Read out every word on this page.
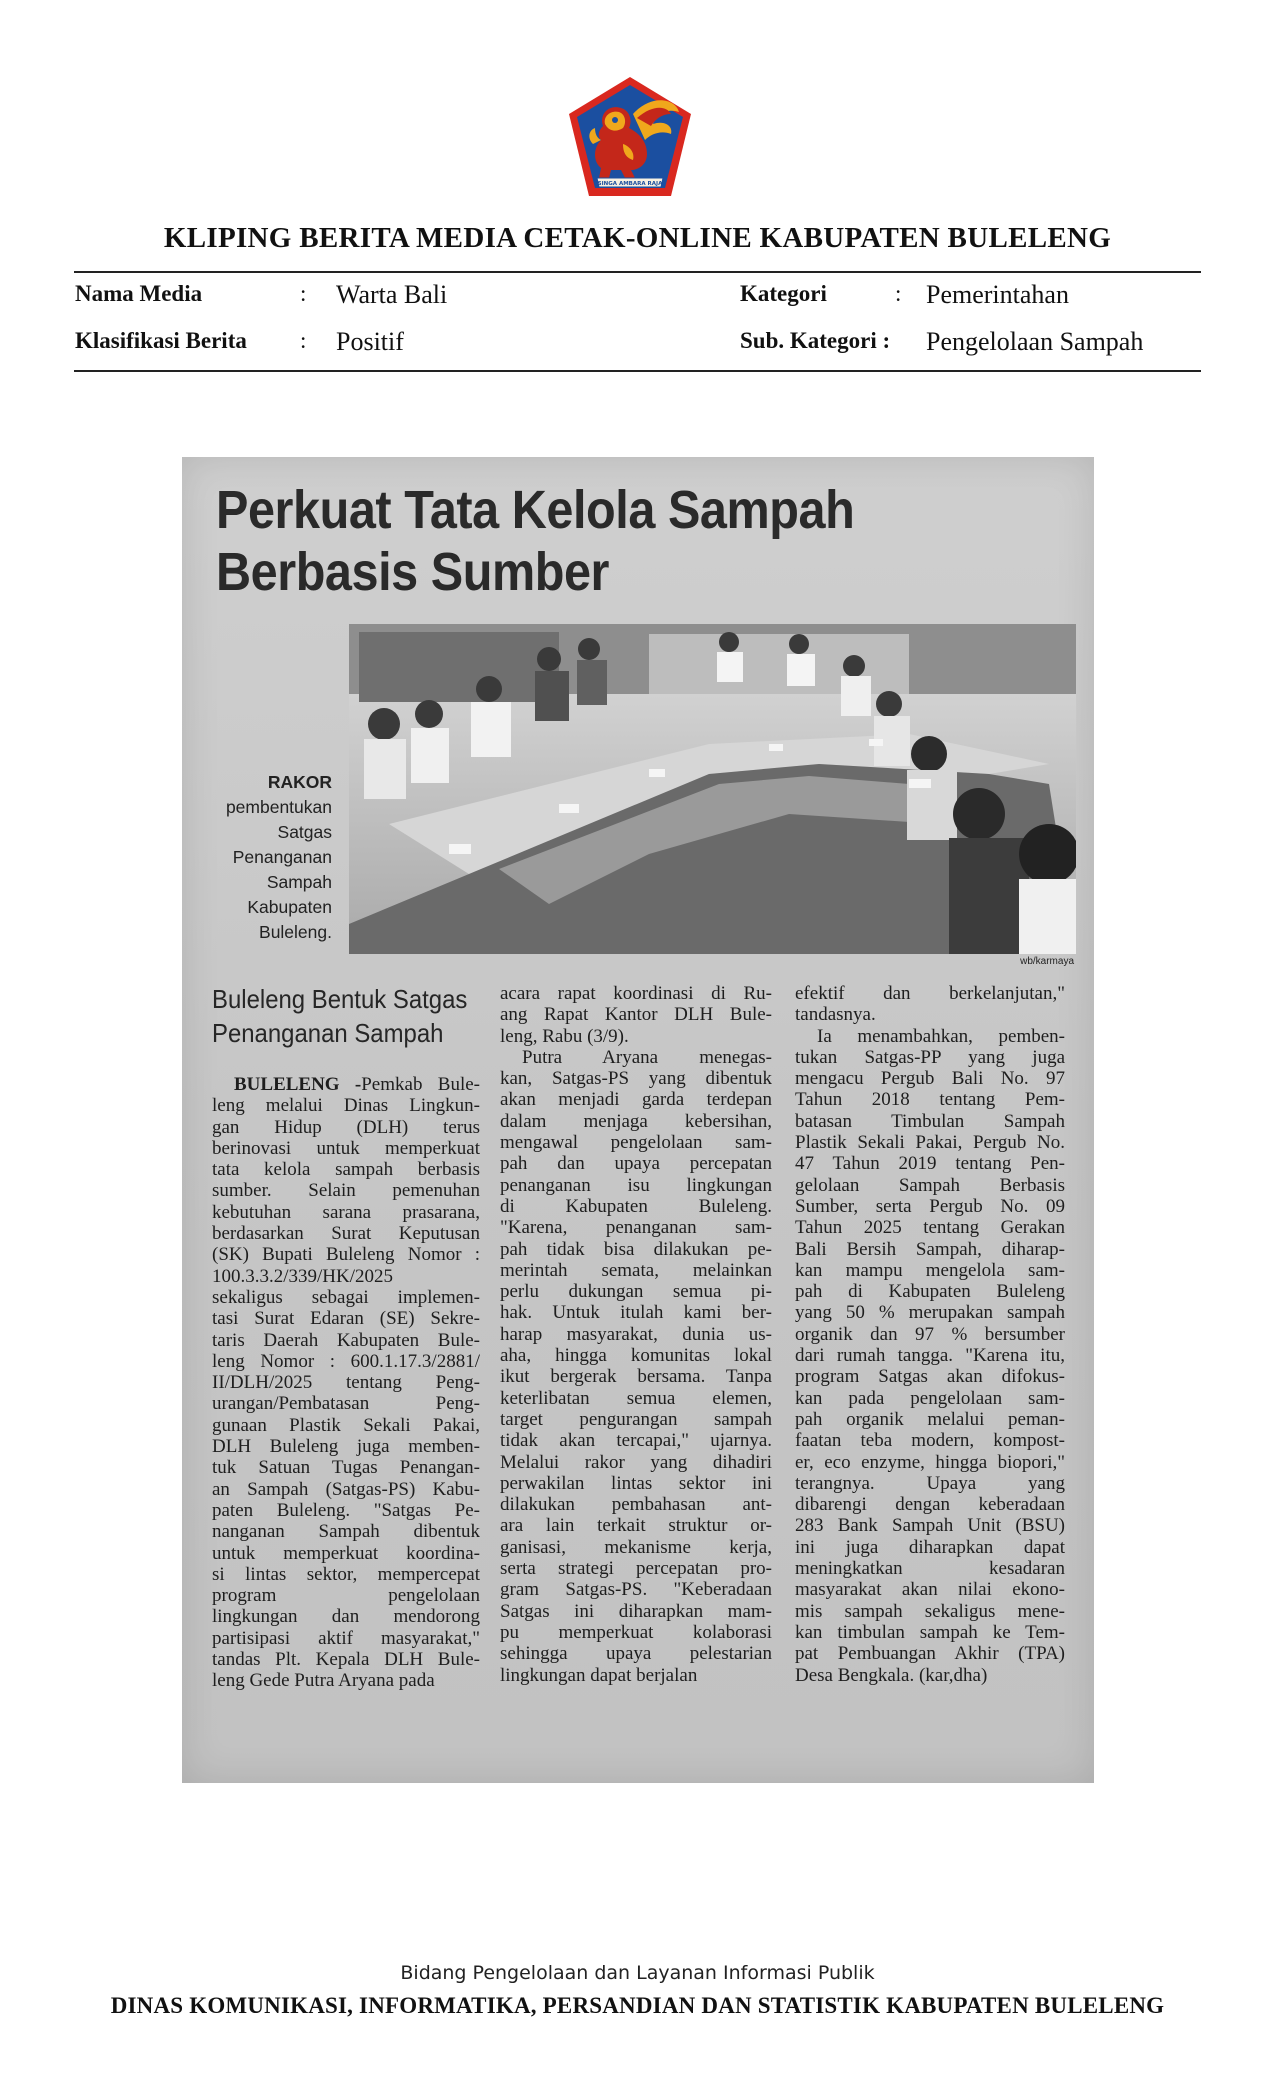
SINGA AMBARA RAJA
KLIPING BERITA MEDIA CETAK-ONLINE KABUPATEN BULELENG
Nama Media	: Warta Bali	Kategori	: Pemerintahan
Klasifikasi Berita : Positif	Sub. Kategori : Pengelolaan Sampah
Perkuat Tata Kelola Sampah
Berbasis Sumber
wb/karmaya
RAKOR
pembentukan
Satgas
Penanganan
Sampah
Kabupaten
Buleleng.
Buleleng Bentuk Satgas
Penanganan Sampah
BULELENG -Pemkab Bule-
leng melalui Dinas Lingkun-
gan Hidup (DLH) terus
berinovasi untuk memperkuat
tata kelola sampah berbasis
sumber. Selain pemenuhan
kebutuhan sarana prasarana,
berdasarkan Surat Keputusan
(SK) Bupati Buleleng Nomor :
100.3.3.2/339/HK/2025
sekaligus sebagai implemen-
tasi Surat Edaran (SE) Sekre-
taris Daerah Kabupaten Bule-
leng Nomor : 600.1.17.3/2881/
II/DLH/2025 tentang Peng-
urangan/Pembatasan Peng-
gunaan Plastik Sekali Pakai,
DLH Buleleng juga memben-
tuk Satuan Tugas Penangan-
an Sampah (Satgas-PS) Kabu-
paten Buleleng. "Satgas Pe-
nanganan Sampah dibentuk
untuk memperkuat koordina-
si lintas sektor, mempercepat
program pengelolaan
lingkungan dan mendorong
partisipasi aktif masyarakat,"
tandas Plt. Kepala DLH Bule-
leng Gede Putra Aryana pada
acara rapat koordinasi di Ru-
ang Rapat Kantor DLH Bule-
leng, Rabu (3/9).
Putra Aryana menegas-
kan, Satgas-PS yang dibentuk
akan menjadi garda terdepan
dalam menjaga kebersihan,
mengawal pengelolaan sam-
pah dan upaya percepatan
penanganan isu lingkungan
di Kabupaten Buleleng.
"Karena, penanganan sam-
pah tidak bisa dilakukan pe-
merintah semata, melainkan
perlu dukungan semua pi-
hak. Untuk itulah kami ber-
harap masyarakat, dunia us-
aha, hingga komunitas lokal
ikut bergerak bersama. Tanpa
keterlibatan semua elemen,
target pengurangan sampah
tidak akan tercapai," ujarnya.
Melalui rakor yang dihadiri
perwakilan lintas sektor ini
dilakukan pembahasan ant-
ara lain terkait struktur or-
ganisasi, mekanisme kerja,
serta strategi percepatan pro-
gram Satgas-PS. "Keberadaan
Satgas ini diharapkan mam-
pu memperkuat kolaborasi
sehingga upaya pelestarian
lingkungan dapat berjalan
efektif dan berkelanjutan,"
tandasnya.
Ia menambahkan, pemben-
tukan Satgas-PP yang juga
mengacu Pergub Bali No. 97
Tahun 2018 tentang Pem-
batasan Timbulan Sampah
Plastik Sekali Pakai, Pergub No.
47 Tahun 2019 tentang Pen-
gelolaan Sampah Berbasis
Sumber, serta Pergub No. 09
Tahun 2025 tentang Gerakan
Bali Bersih Sampah, diharap-
kan mampu mengelola sam-
pah di Kabupaten Buleleng
yang 50 % merupakan sampah
organik dan 97 % bersumber
dari rumah tangga. "Karena itu,
program Satgas akan difokus-
kan pada pengelolaan sam-
pah organik melalui peman-
faatan teba modern, kompost-
er, eco enzyme, hingga biopori,"
terangnya. Upaya yang
dibarengi dengan keberadaan
283 Bank Sampah Unit (BSU)
ini juga diharapkan dapat
meningkatkan kesadaran
masyarakat akan nilai ekono-
mis sampah sekaligus mene-
kan timbulan sampah ke Tem-
pat Pembuangan Akhir (TPA)
Desa Bengkala. (kar,dha)
Bidang Pengelolaan dan Layanan Informasi Publik
DINAS KOMUNIKASI, INFORMATIKA, PERSANDIAN DAN STATISTIK KABUPATEN BULELENG
